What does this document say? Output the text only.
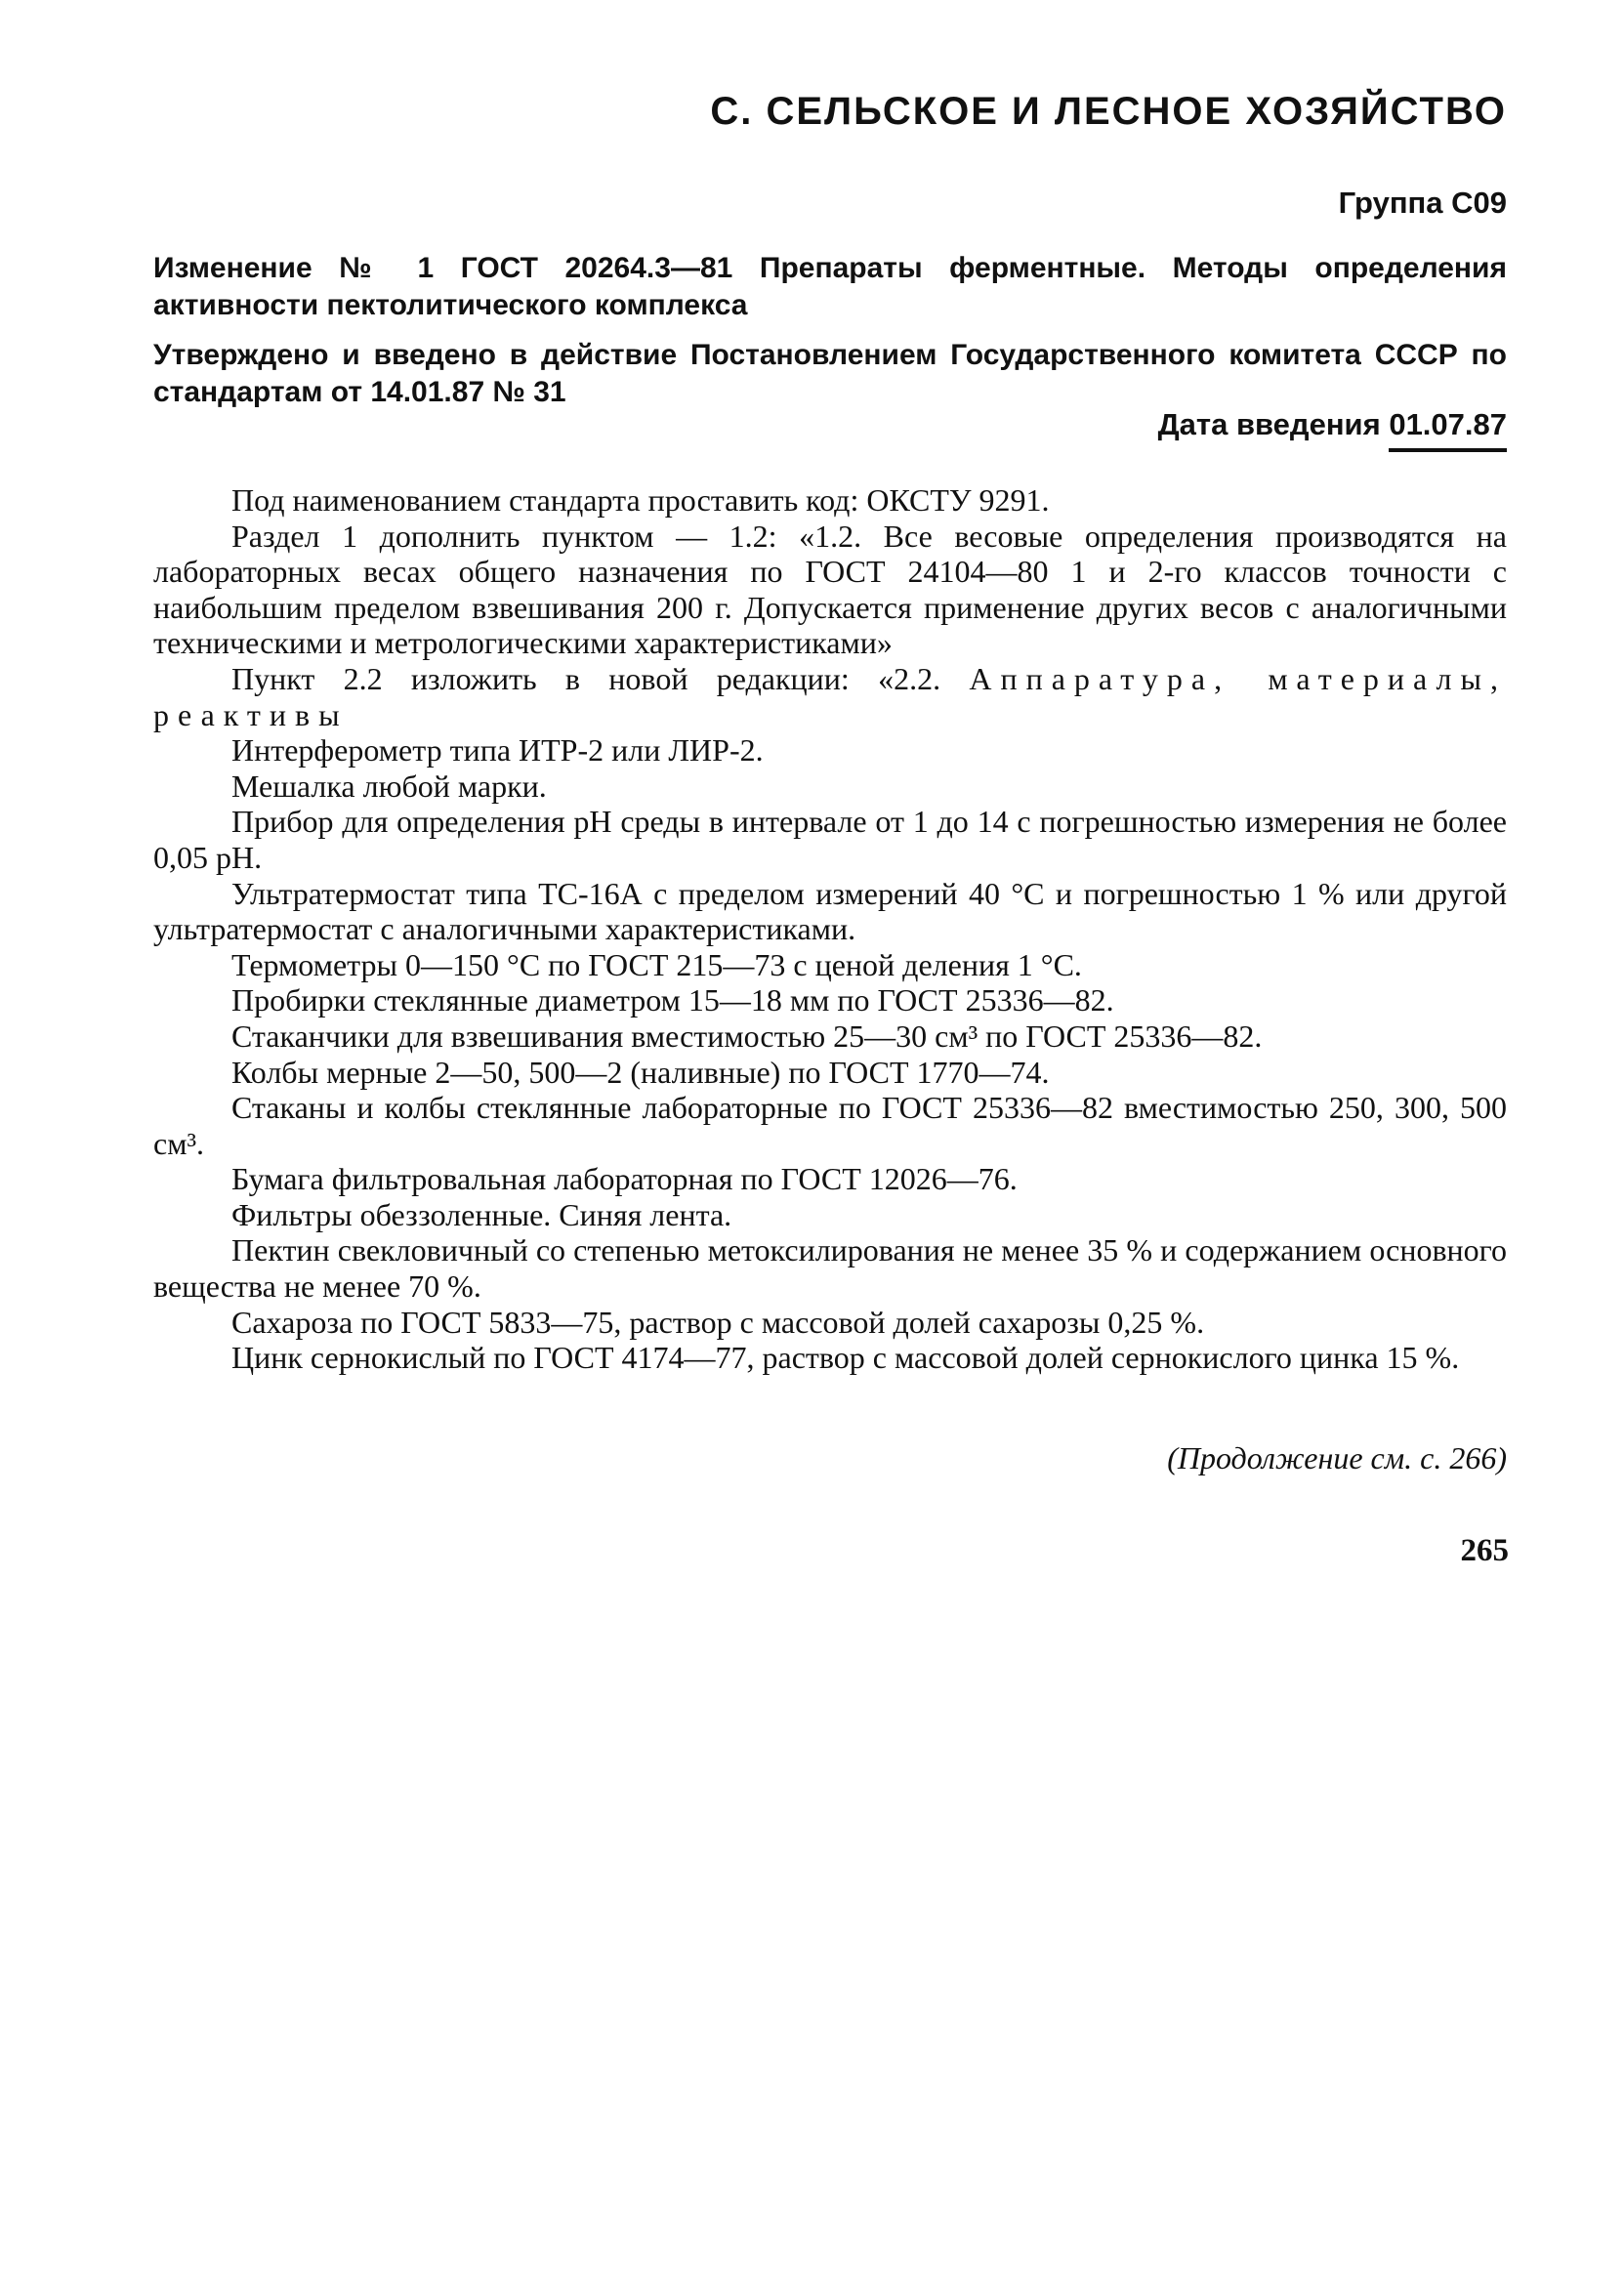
С. СЕЛЬСКОЕ И ЛЕСНОЕ ХОЗЯЙСТВО
Группа С09
Изменение № 1 ГОСТ 20264.3—81 Препараты ферментные. Методы определения активности пектолитического комплекса
Утверждено и введено в действие Постановлением Государственного комитета СССР по стандартам от 14.01.87 № 31
Дата введения 01.07.87

Под наименованием стандарта проставить код: ОКСТУ 9291.

Раздел 1 дополнить пунктом — 1.2: «1.2. Все весовые определения производятся на лабораторных весах общего назначения по ГОСТ 24104—80 1 и 2-го классов точности с наибольшим пределом взвешивания 200 г. Допускается применение других весов с аналогичными техническими и метрологическими характеристиками»

Пункт 2.2 изложить в новой редакции: «2.2. Аппаратура, материалы, реактивы

Интерферометр типа ИТР-2 или ЛИР-2.

Мешалка любой марки.

Прибор для определения pH среды в интервале от 1 до 14 с погрешностью измерения не более 0,05 pH.

Ультратермостат типа ТС-16А с пределом измерений 40 °С и погрешностью 1 % или другой ультратермостат с аналогичными характеристиками.

Термометры 0—150 °С по ГОСТ 215—73 с ценой деления 1 °С.

Пробирки стеклянные диаметром 15—18 мм по ГОСТ 25336—82.

Стаканчики для взвешивания вместимостью 25—30 см³ по ГОСТ 25336—82.

Колбы мерные 2—50, 500—2 (наливные) по ГОСТ 1770—74.

Стаканы и колбы стеклянные лабораторные по ГОСТ 25336—82 вместимостью 250, 300, 500 см³.

Бумага фильтровальная лабораторная по ГОСТ 12026—76.

Фильтры обеззоленные. Синяя лента.

Пектин свекловичный со степенью метоксилирования не менее 35 % и содержанием основного вещества не менее 70 %.

Сахароза по ГОСТ 5833—75, раствор с массовой долей сахарозы 0,25 %.

Цинк сернокислый по ГОСТ 4174—77, раствор с массовой долей сернокислого цинка 15 %.

(Продолжение см. с. 266)
265
